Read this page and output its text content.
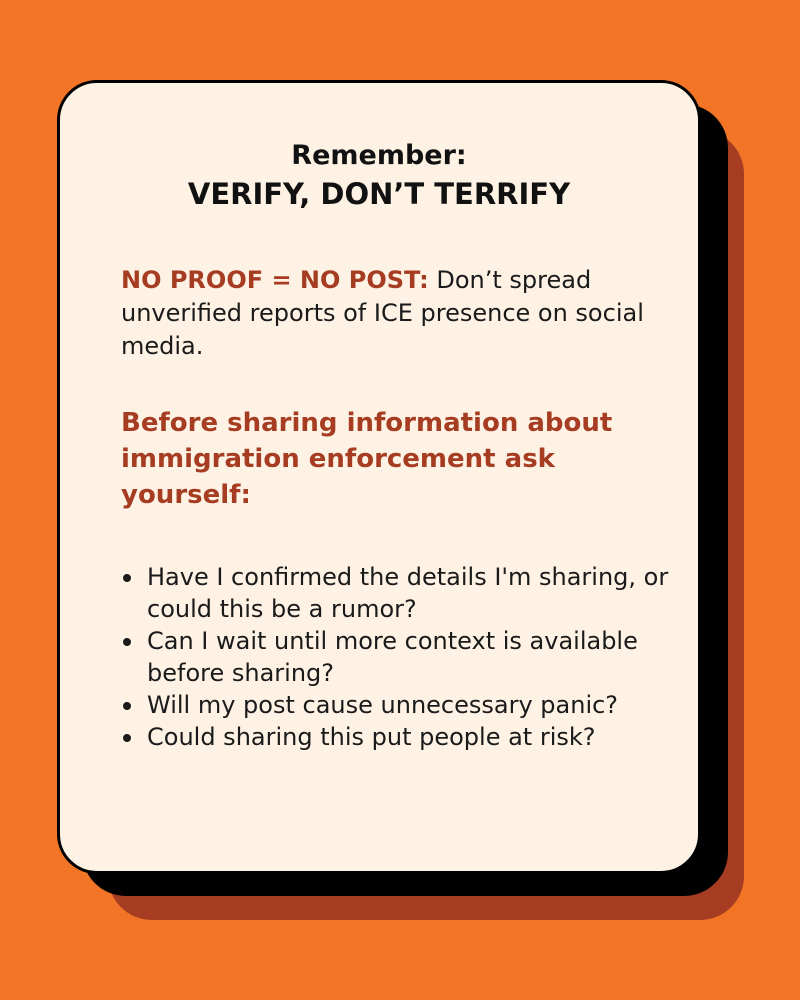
Remember:
VERIFY, DON’T TERRIFY
NO PROOF = NO POST: Don’t spread unverified reports of ICE presence on social media.
Before sharing information about immigration enforcement ask yourself:
Have I confirmed the details I'm sharing, or could this be a rumor?
Can I wait until more context is available before sharing?
Will my post cause unnecessary panic?
Could sharing this put people at risk?
